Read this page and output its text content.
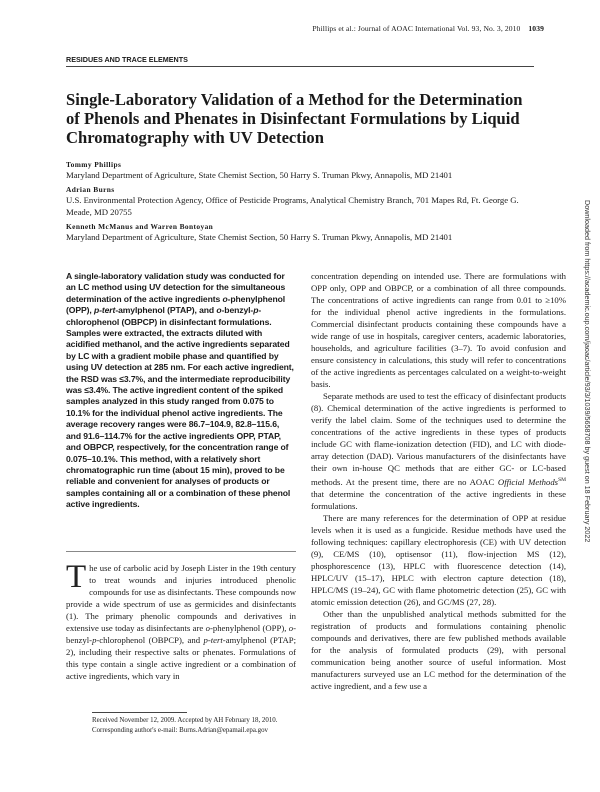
Phillips et al.: Journal of AOAC International Vol. 93, No. 3, 2010 1039
RESIDUES AND TRACE ELEMENTS
Single-Laboratory Validation of a Method for the Determination of Phenols and Phenates in Disinfectant Formulations by Liquid Chromatography with UV Detection
Tommy Phillips
Maryland Department of Agriculture, State Chemist Section, 50 Harry S. Truman Pkwy, Annapolis, MD 21401
Adrian Burns
U.S. Environmental Protection Agency, Office of Pesticide Programs, Analytical Chemistry Branch, 701 Mapes Rd, Ft. George G. Meade, MD 20755
Kenneth McManus and Warren Bontoyan
Maryland Department of Agriculture, State Chemist Section, 50 Harry S. Truman Pkwy, Annapolis, MD 21401	Downloaded from https://academic.oup.com/jaoac/article/93/3/1039/5658708 by guest on 18 February 2022
A single-laboratory validation study was conducted for an LC method using UV detection for the simultaneous determination of the active ingredients o-phenylphenol (OPP), p-tert-amylphenol (PTAP), and o-benzyl-p-chlorophenol (OBPCP) in disinfectant formulations. Samples were extracted, the extracts diluted with acidified methanol, and the active ingredients separated by LC with a gradient mobile phase and quantified by using UV detection at 285 nm. For each active ingredient, the RSD was ≤3.7%, and the intermediate reproducibility was ≤3.4%. The active ingredient content of the spiked samples analyzed in this study ranged from 0.075 to 10.1% for the individual phenol active ingredients. The average recovery ranges were 86.7–104.9, 82.8–115.6, and 91.6–114.7% for the active ingredients OPP, PTAP, and OBPCP, respectively, for the concentration range of 0.075–10.1%. This method, with a relatively short chromatographic run time (about 15 min), proved to be reliable and convenient for analyses of products or samples containing all or a combination of these phenol active ingredients.
The use of carbolic acid by Joseph Lister in the 19th century to treat wounds and injuries introduced phenolic compounds for use as disinfectants. These compounds now provide a wide spectrum of use as germicides and disinfectants (1). The primary phenolic compounds and derivatives in extensive use today as disinfectants are o-phenylphenol (OPP), o-benzyl-p-chlorophenol (OBPCP), and p-tert-amylphenol (PTAP; 2), including their respective salts or phenates. Formulations of this type contain a single active ingredient or a combination of active ingredients, which vary in
Received November 12, 2009. Accepted by AH February 18, 2010.
Corresponding author's e-mail: Burns.Adrian@epamail.epa.gov

concentration depending on intended use. There are formulations with OPP only, OPP and OBPCP, or a combination of all three compounds. The concentrations of active ingredients can range from 0.01 to ≥10% for the individual phenol active ingredients in the formulations. Commercial disinfectant products containing these compounds have a wide range of use in hospitals, caregiver centers, academic laboratories, households, and agriculture facilities (3–7). To avoid confusion and ensure consistency in calculations, this study will refer to concentrations of the active ingredients as percentages calculated on a weight-to-weight basis.

Separate methods are used to test the efficacy of disinfectant products (8). Chemical determination of the active ingredients is performed to verify the label claim. Some of the techniques used to determine the concentrations of the active ingredients in these types of products include GC with flame-ionization detection (FID), and LC with diode-array detection (DAD). Various manufacturers of the disinfectants have their own in-house QC methods that are either GC- or LC-based methods. At the present time, there are no AOAC Official Methods℠ that determine the concentration of the active ingredients in these formulations.

There are many references for the determination of OPP at residue levels when it is used as a fungicide. Residue methods have used the following techniques: capillary electrophoresis (CE) with UV detection (9), CE/MS (10), optisensor (11), flow-injection MS (12), phosphorescence (13), HPLC with fluorescence detection (14), HPLC/UV (15–17), HPLC with electron capture detection (18), HPLC/MS (19–24), GC with flame photometric detection (25), GC with atomic emission detection (26), and GC/MS (27, 28).

Other than the unpublished analytical methods submitted for the registration of products and formulations containing phenolic compounds and derivatives, there are few published methods available for the analysis of formulated products (29), with personal communication being another source of useful information. Most manufacturers surveyed use an LC method for the determination of the active ingredient, and a few use a
